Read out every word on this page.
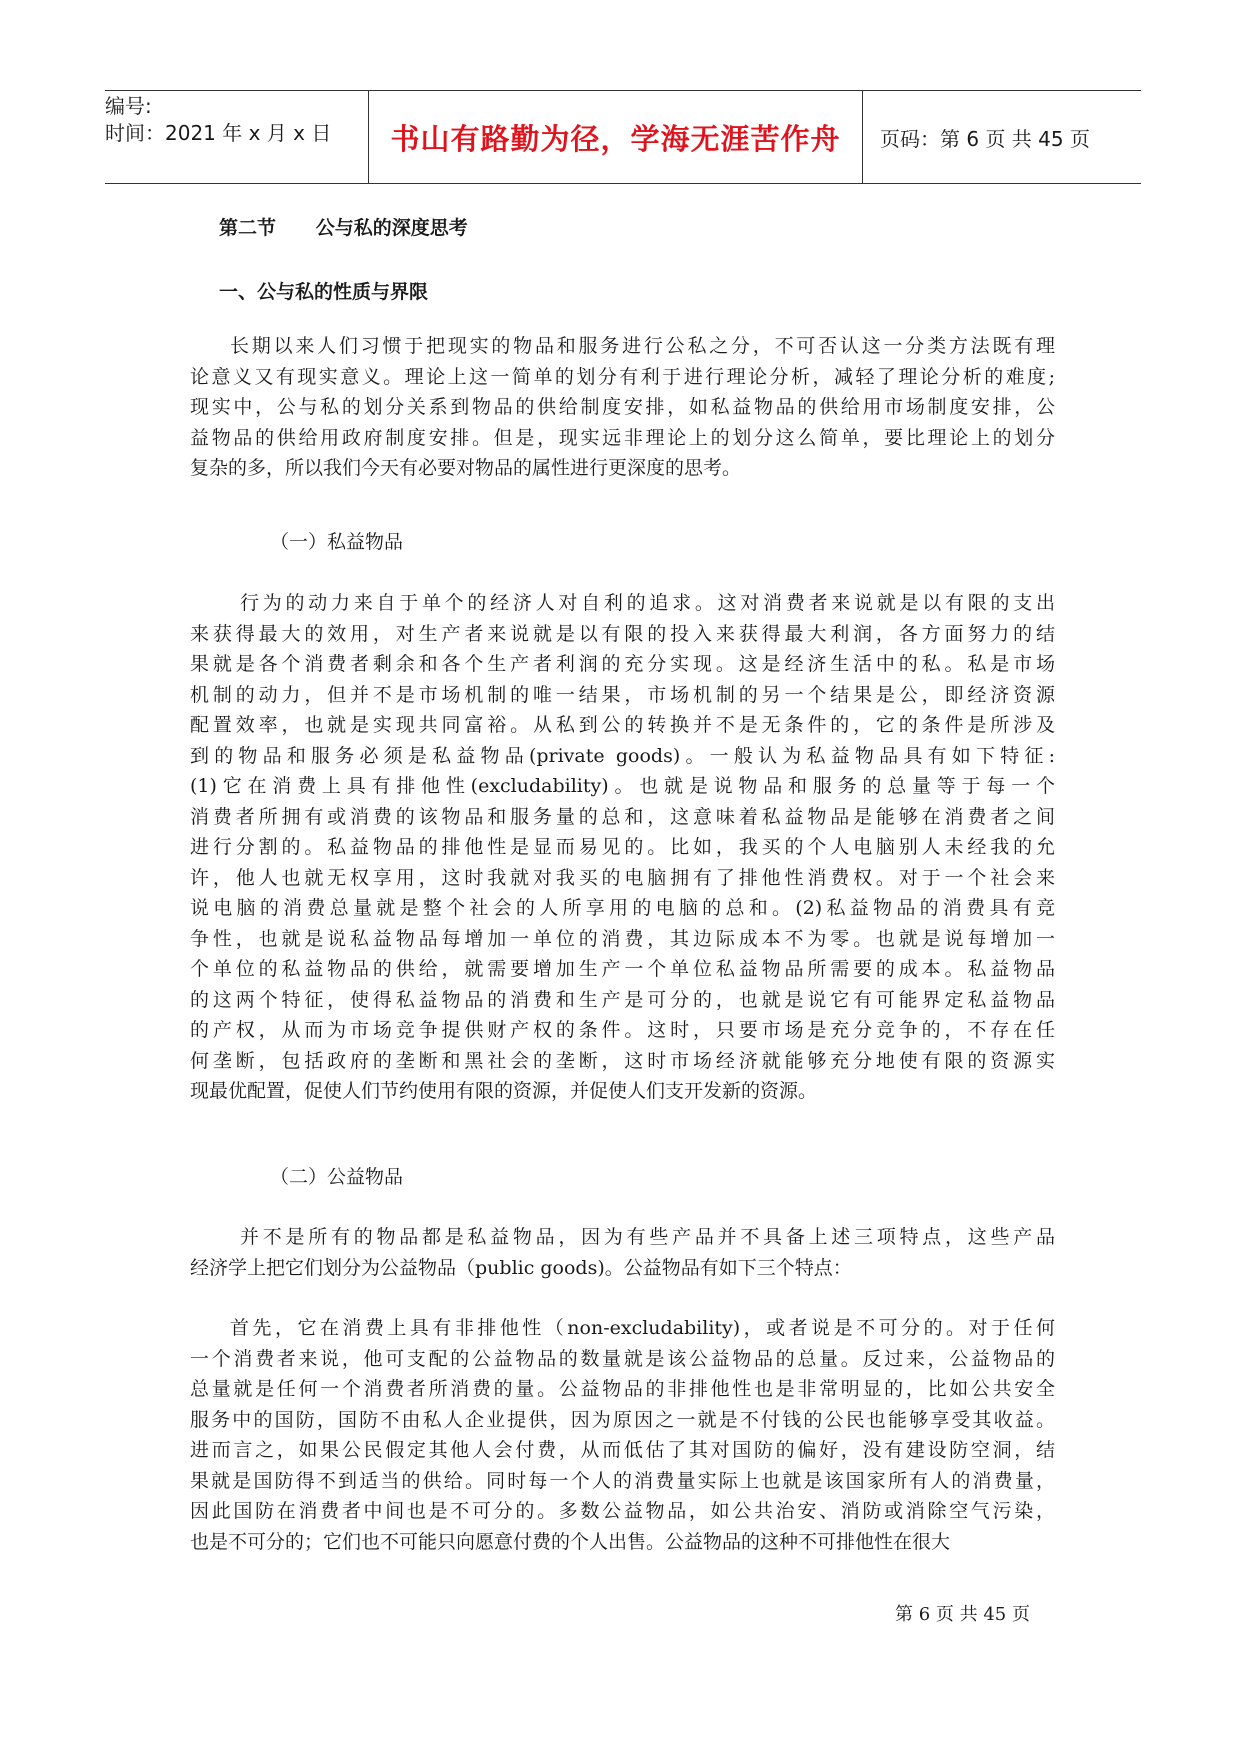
编号:
时间：2021 年 x 月 x 日	书山有路勤为径，学海无涯苦作舟	页码：第 6 页 共 45 页
第二节      公与私的深度思考
一、公与私的性质与界限
长期以来人们习惯于把现实的物品和服务进行公私之分，不可否认这一分类方法既有理
论意义又有现实意义。理论上这一简单的划分有利于进行理论分析，减轻了理论分析的难度;
现实中，公与私的划分关系到物品的供给制度安排，如私益物品的供给用市场制度安排，公
益物品的供给用政府制度安排。但是，现实远非理论上的划分这么简单，要比理论上的划分
复杂的多，所以我们今天有必要对物品的属性进行更深度的思考。
（一）私益物品
行为的动力来自于单个的经济人对自利的追求。这对消费者来说就是以有限的支出
来获得最大的效用，对生产者来说就是以有限的投入来获得最大利润，各方面努力的结
果就是各个消费者剩余和各个生产者利润的充分实现。这是经济生活中的私。私是市场
机制的动力，但并不是市场机制的唯一结果，市场机制的另一个结果是公，即经济资源
配置效率，也就是实现共同富裕。从私到公的转换并不是无条件的，它的条件是所涉及
到的物品和服务必须是私益物品(private goods)。一般认为私益物品具有如下特征:
(1)它在消费上具有排他性(excludability)。也就是说物品和服务的总量等于每一个
消费者所拥有或消费的该物品和服务量的总和，这意味着私益物品是能够在消费者之间
进行分割的。私益物品的排他性是显而易见的。比如，我买的个人电脑别人未经我的允
许，他人也就无权享用，这时我就对我买的电脑拥有了排他性消费权。对于一个社会来
说电脑的消费总量就是整个社会的人所享用的电脑的总和。(2)私益物品的消费具有竞
争性，也就是说私益物品每增加一单位的消费，其边际成本不为零。也就是说每增加一
个单位的私益物品的供给，就需要增加生产一个单位私益物品所需要的成本。私益物品
的这两个特征，使得私益物品的消费和生产是可分的，也就是说它有可能界定私益物品
的产权，从而为市场竞争提供财产权的条件。这时，只要市场是充分竞争的，不存在任
何垄断，包括政府的垄断和黑社会的垄断，这时市场经济就能够充分地使有限的资源实
现最优配置，促使人们节约使用有限的资源，并促使人们支开发新的资源。
（二）公益物品
并不是所有的物品都是私益物品，因为有些产品并不具备上述三项特点，这些产品
经济学上把它们划分为公益物品（public goods)。公益物品有如下三个特点：
首先，它在消费上具有非排他性（non-excludability)，或者说是不可分的。对于任何
一个消费者来说，他可支配的公益物品的数量就是该公益物品的总量。反过来，公益物品的
总量就是任何一个消费者所消费的量。公益物品的非排他性也是非常明显的，比如公共安全
服务中的国防，国防不由私人企业提供，因为原因之一就是不付钱的公民也能够享受其收益。
进而言之，如果公民假定其他人会付费，从而低估了其对国防的偏好，没有建设防空洞，结
果就是国防得不到适当的供给。同时每一个人的消费量实际上也就是该国家所有人的消费量，
因此国防在消费者中间也是不可分的。多数公益物品，如公共治安、消防或消除空气污染，
也是不可分的；它们也不可能只向愿意付费的个人出售。公益物品的这种不可排他性在很大
第 6 页 共 45 页
